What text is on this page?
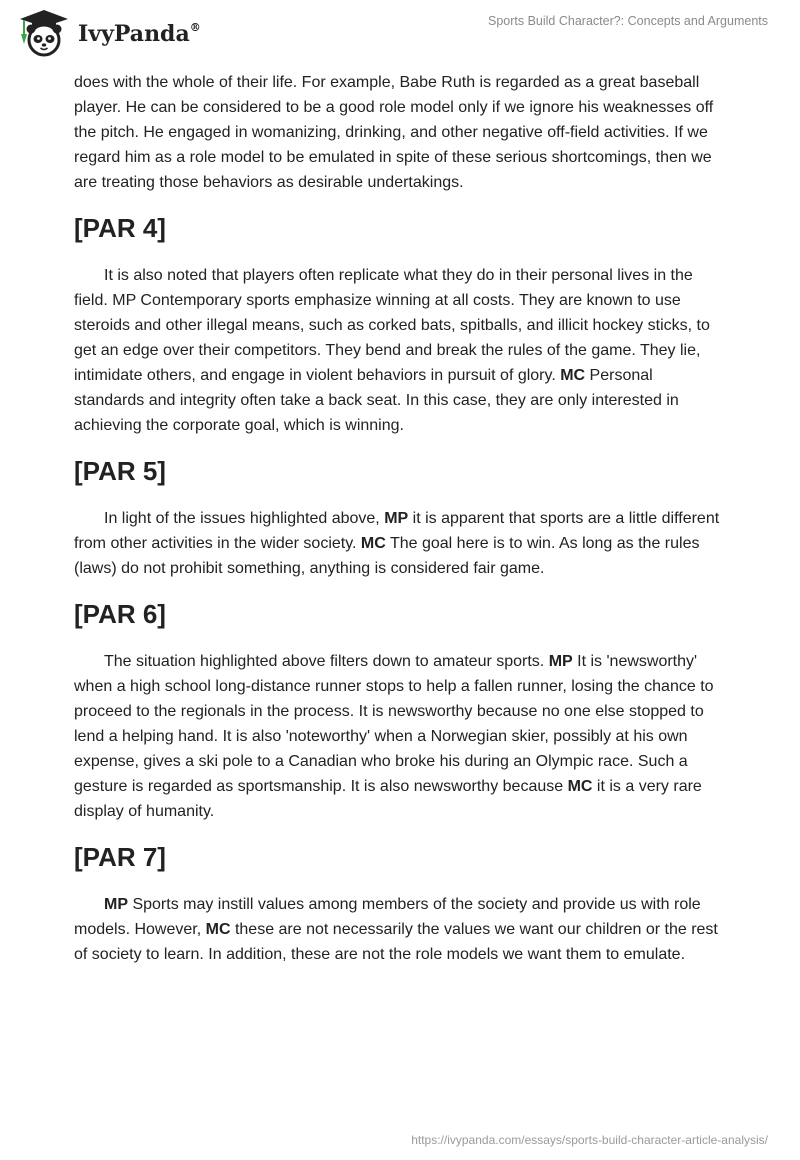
IvyPanda®	Sports Build Character?: Concepts and Arguments

does with the whole of their life. For example, Babe Ruth is regarded as a great baseball player. He can be considered to be a good role model only if we ignore his weaknesses off the pitch. He engaged in womanizing, drinking, and other negative off-field activities. If we regard him as a role model to be emulated in spite of these serious shortcomings, then we are treating those behaviors as desirable undertakings.

[PAR 4]

It is also noted that players often replicate what they do in their personal lives in the field. MP Contemporary sports emphasize winning at all costs. They are known to use steroids and other illegal means, such as corked bats, spitballs, and illicit hockey sticks, to get an edge over their competitors. They bend and break the rules of the game. They lie, intimidate others, and engage in violent behaviors in pursuit of glory. MC Personal standards and integrity often take a back seat. In this case, they are only interested in achieving the corporate goal, which is winning.

[PAR 5]

In light of the issues highlighted above, MP it is apparent that sports are a little different from other activities in the wider society. MC The goal here is to win. As long as the rules (laws) do not prohibit something, anything is considered fair game.

[PAR 6]

The situation highlighted above filters down to amateur sports. MP It is 'newsworthy' when a high school long-distance runner stops to help a fallen runner, losing the chance to proceed to the regionals in the process. It is newsworthy because no one else stopped to lend a helping hand. It is also 'noteworthy' when a Norwegian skier, possibly at his own expense, gives a ski pole to a Canadian who broke his during an Olympic race. Such a gesture is regarded as sportsmanship. It is also newsworthy because MC it is a very rare display of humanity.

[PAR 7]

MP Sports may instill values among members of the society and provide us with role models. However, MC these are not necessarily the values we want our children or the rest of society to learn. In addition, these are not the role models we want them to emulate.

https://ivypanda.com/essays/sports-build-character-article-analysis/
